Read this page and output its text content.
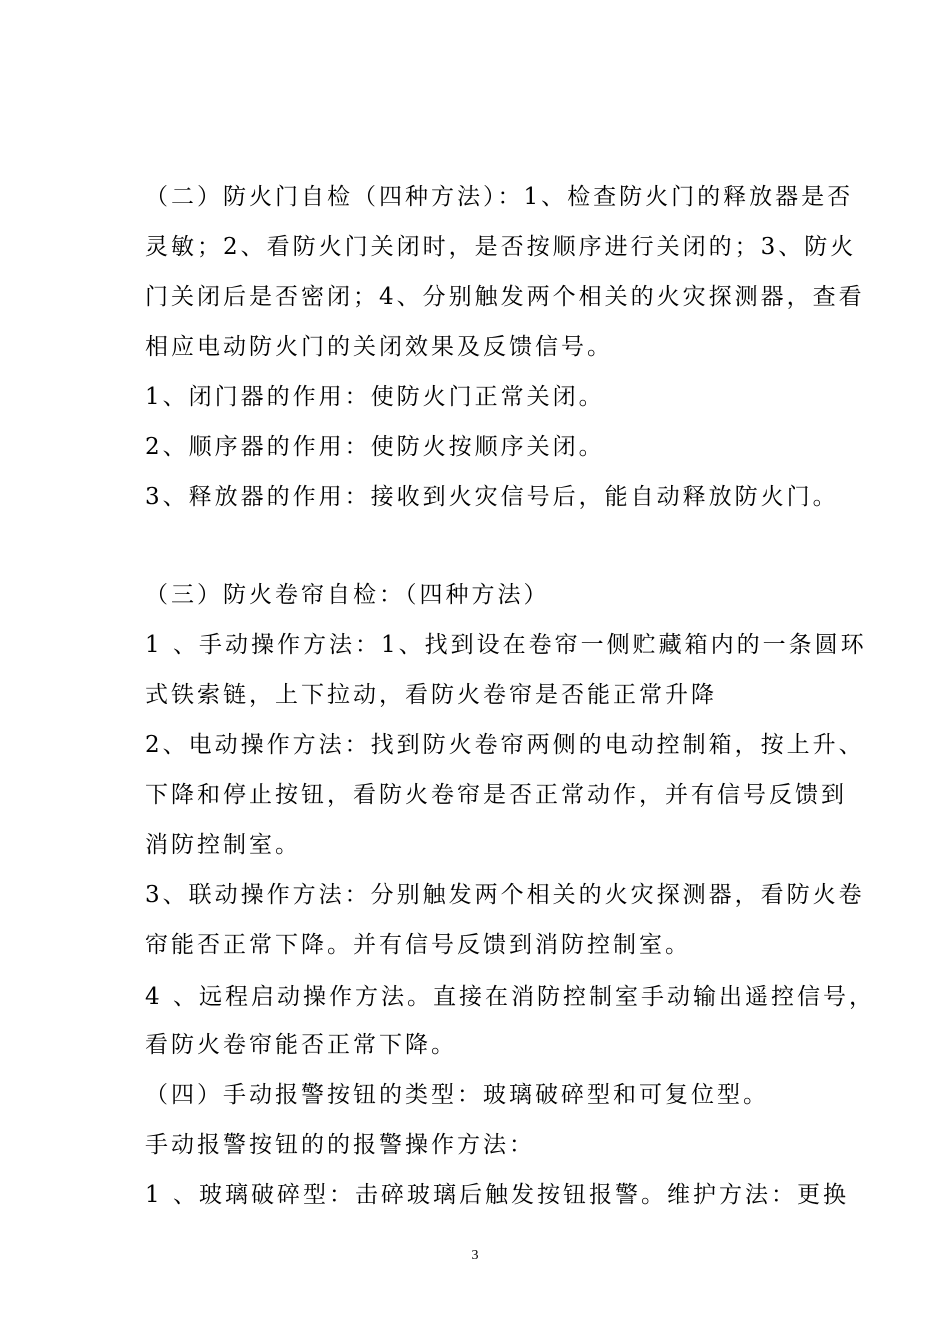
（二）防火门自检（四种方法）：1、检查防火门的释放器是否
灵敏；2、看防火门关闭时，是否按顺序进行关闭的；3、防火
门关闭后是否密闭；4、分别触发两个相关的火灾探测器，查看
相应电动防火门的关闭效果及反馈信号。
1、闭门器的作用：使防火门正常关闭。
2、顺序器的作用：使防火按顺序关闭。
3、释放器的作用：接收到火灾信号后，能自动释放防火门。
（三）防火卷帘自检：（四种方法）
1 、手动操作方法：1、找到设在卷帘一侧贮藏箱内的一条圆环
式铁索链，上下拉动，看防火卷帘是否能正常升降
2、电动操作方法：找到防火卷帘两侧的电动控制箱，按上升、
下降和停止按钮，看防火卷帘是否正常动作，并有信号反馈到
消防控制室。
3、联动操作方法：分别触发两个相关的火灾探测器，看防火卷
帘能否正常下降。并有信号反馈到消防控制室。
4 、远程启动操作方法。直接在消防控制室手动输出遥控信号，
看防火卷帘能否正常下降。
（四）手动报警按钮的类型：玻璃破碎型和可复位型。
手动报警按钮的的报警操作方法：
1 、玻璃破碎型：击碎玻璃后触发按钮报警。维护方法：更换
3
